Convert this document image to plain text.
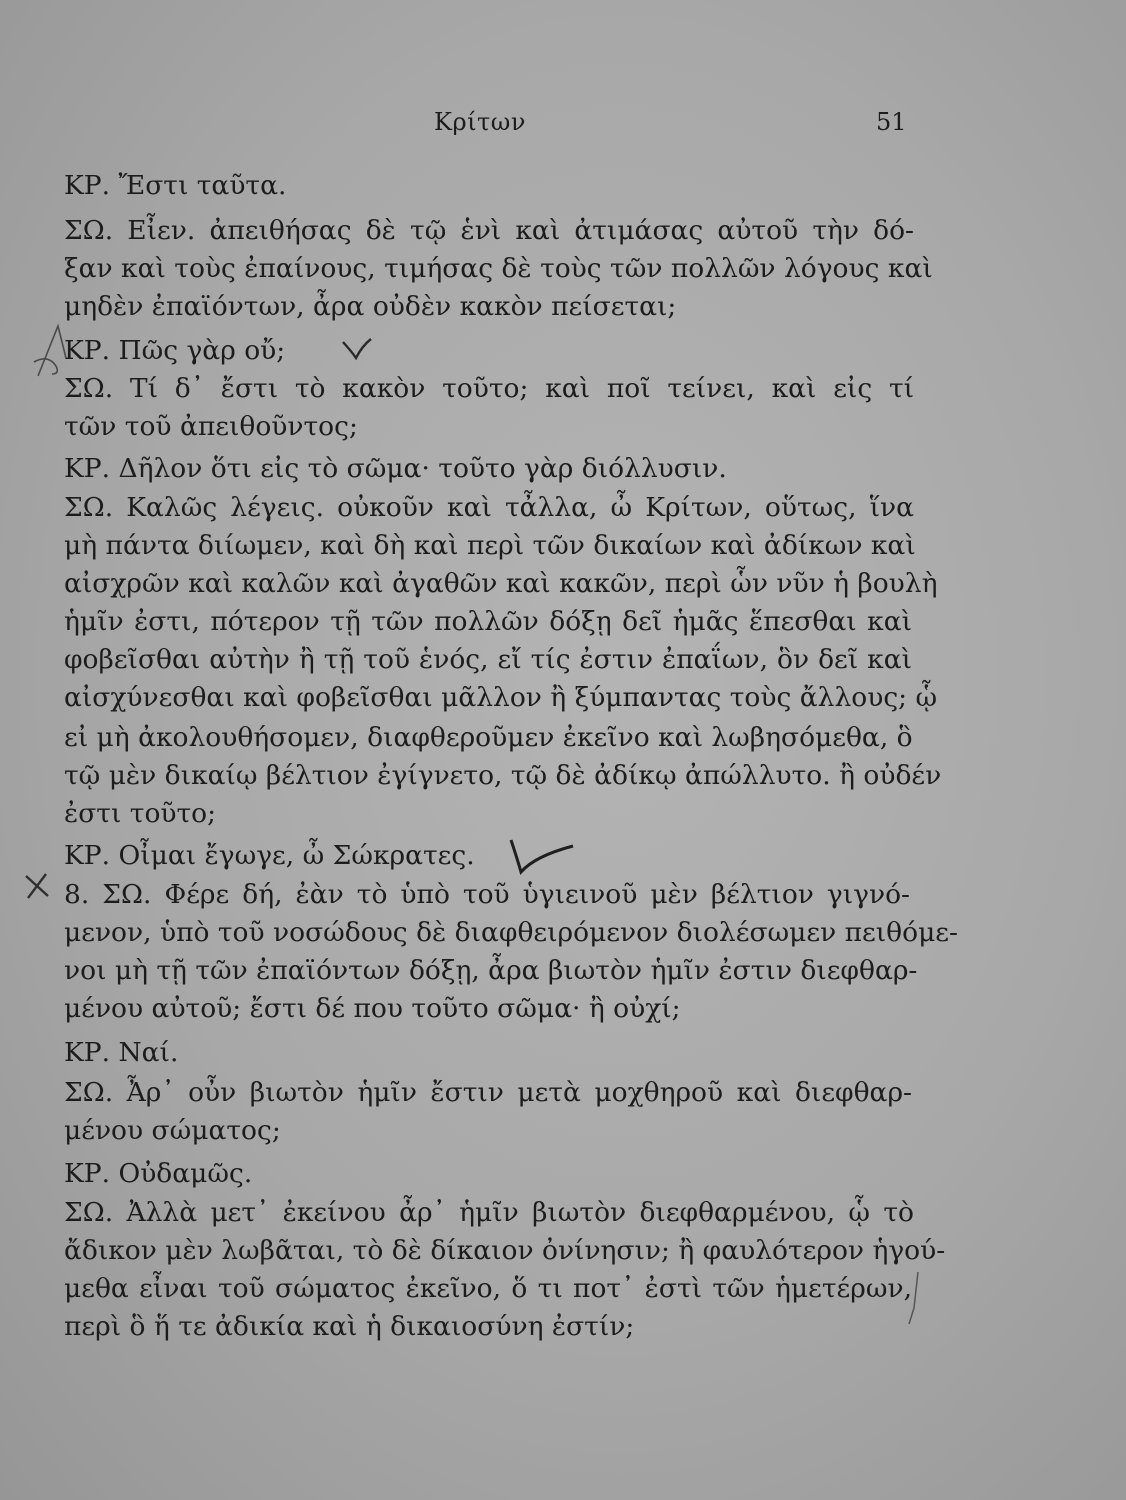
Κρίτων	51
ΚΡ. Ἔστι ταῦτα.
ΣΩ. Εἶεν. ἀπειθήσας δὲ τῷ ἑνὶ καὶ ἀτιμάσας αὐτοῦ τὴν δό-
ξαν καὶ τοὺς ἐπαίνους, τιμήσας δὲ τοὺς τῶν πολλῶν λόγους καὶ
μηδὲν ἐπαϊόντων, ἆρα οὐδὲν κακὸν πείσεται;
ΚΡ. Πῶς γὰρ οὔ;
ΣΩ. Τί δ᾽ ἔστι τὸ κακὸν τοῦτο; καὶ ποῖ τείνει, καὶ εἰς τί
τῶν τοῦ ἀπειθοῦντος;
ΚΡ. Δῆλον ὅτι εἰς τὸ σῶμα· τοῦτο γὰρ διόλλυσιν.
ΣΩ. Καλῶς λέγεις. οὐκοῦν καὶ τἆλλα, ὦ Κρίτων, οὕτως, ἵνα
μὴ πάντα διίωμεν, καὶ δὴ καὶ περὶ τῶν δικαίων καὶ ἀδίκων καὶ
αἰσχρῶν καὶ καλῶν καὶ ἀγαθῶν καὶ κακῶν, περὶ ὧν νῦν ἡ βουλὴ
ἡμῖν ἐστι, πότερον τῇ τῶν πολλῶν δόξῃ δεῖ ἡμᾶς ἕπεσθαι καὶ
φοβεῖσθαι αὐτὴν ἢ τῇ τοῦ ἑνός, εἴ τίς ἐστιν ἐπαΐων, ὃν δεῖ καὶ
αἰσχύνεσθαι καὶ φοβεῖσθαι μᾶλλον ἢ ξύμπαντας τοὺς ἄλλους; ᾧ
εἰ μὴ ἀκολουθήσομεν, διαφθεροῦμεν ἐκεῖνο καὶ λωβησόμεθα, ὃ
τῷ μὲν δικαίῳ βέλτιον ἐγίγνετο, τῷ δὲ ἀδίκῳ ἀπώλλυτο. ἢ οὐδέν
ἐστι τοῦτο;
ΚΡ. Οἶμαι ἔγωγε, ὦ Σώκρατες.
8. ΣΩ. Φέρε δή, ἐὰν τὸ ὑπὸ τοῦ ὑγιεινοῦ μὲν βέλτιον γιγνό-
μενον, ὑπὸ τοῦ νοσώδους δὲ διαφθειρόμενον διολέσωμεν πειθόμε-
νοι μὴ τῇ τῶν ἐπαϊόντων δόξῃ, ἆρα βιωτὸν ἡμῖν ἐστιν διεφθαρ-
μένου αὐτοῦ; ἔστι δέ που τοῦτο σῶμα· ἢ οὐχί;
ΚΡ. Ναί.
ΣΩ. Ἆρ᾽ οὖν βιωτὸν ἡμῖν ἔστιν μετὰ μοχθηροῦ καὶ διεφθαρ-
μένου σώματος;
ΚΡ. Οὐδαμῶς.
ΣΩ. Ἀλλὰ μετ᾽ ἐκείνου ἆρ᾽ ἡμῖν βιωτὸν διεφθαρμένου, ᾧ τὸ
ἄδικον μὲν λωβᾶται, τὸ δὲ δίκαιον ὀνίνησιν; ἢ φαυλότερον ἡγού-
μεθα εἶναι τοῦ σώματος ἐκεῖνο, ὅ τι ποτ᾽ ἐστὶ τῶν ἡμετέρων,
περὶ ὃ ἥ τε ἀδικία καὶ ἡ δικαιοσύνη ἐστίν;
